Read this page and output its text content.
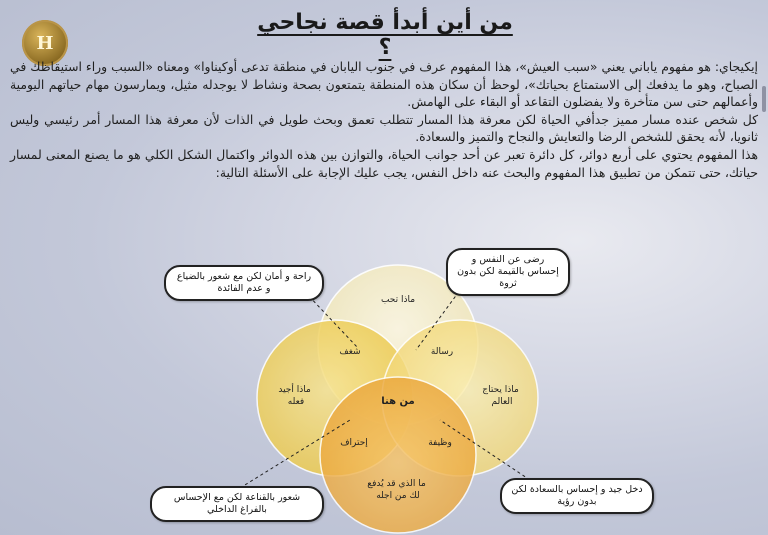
H
من أين أبدأ قصة نجاحي ؟

إيكيجاي: هو مفهوم ياباني يعني «سبب العيش»، هذا المفهوم عرف في جنوب اليابان في منطقة تدعى أوكيناوا» ومعناه «السبب وراء استيقاظك في الصباح، وهو ما يدفعك إلى الاستمتاع بحياتك»، لوحظ أن سكان هذه المنطقة يتمتعون بصحة ونشاط لا يوجدله مثيل، ويمارسون مهام حياتهم اليومية وأعمالهم حتى سن متأخرة ولا يفضلون التقاعد أو البقاء على الهامش.

كل شخص عنده مسار مميز جدأفي الحياة لكن معرفة هذا المسار تتطلب تعمق وبحث طويل في الذات لأن معرفة هذا المسار أمر رئيسي وليس ثانويا، لأنه يحقق للشخص الرضا والتعايش والنجاح والتميز والسعادة.

هذا المفهوم يحتوي على أربع دوائر، كل دائرة تعبر عن أحد جوانب الحياة، والتوازن بين هذه الدوائر واكتمال الشكل الكلي هو ما يصنع المعنى لمسار حياتك، حتى تتمكن من تطبيق هذا المفهوم والبحث عنه داخل النفس، يجب عليك الإجابة على الأسئلة التالية:

ماذا تحب
ماذا أجيد فعله
ماذا يحتاج العالم
ما الذي قد يُدفع لك من اجله
شغف	رسالة
إحتراف	وظيفة
من هنا
راحة و أمان لكن مع شعور بالضياع و عدم الفائدة
رضى عن النفس و إحساس بالقيمة لكن بدون ثروة
شعور بالقناعة لكن مع الإحساس بالفراغ الداخلي
دخل جيد و إحساس بالسعادة لكن بدون رؤية
